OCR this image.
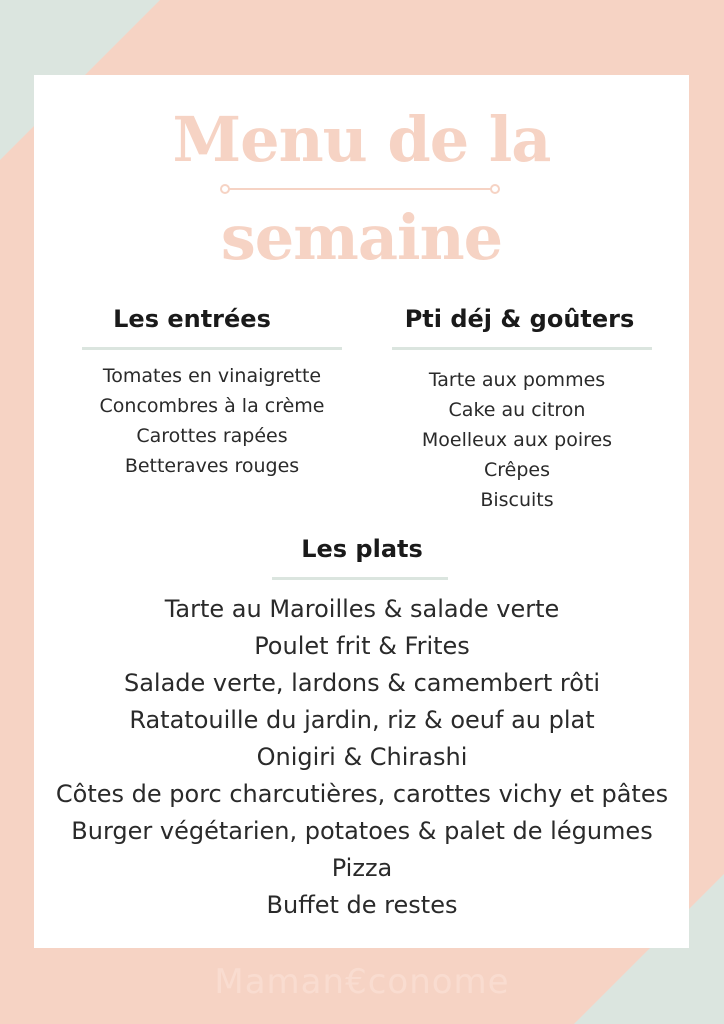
Menu de la
semaine
Les entrées
Tomates en vinaigrette
Concombres à la crème
Carottes rapées
Betteraves rouges
Pti déj & goûters
Tarte aux pommes
Cake au citron
Moelleux aux poires
Crêpes
Biscuits
Les plats
Tarte au Maroilles & salade verte
Poulet frit & Frites
Salade verte, lardons & camembert rôti
Ratatouille du jardin, riz & oeuf au plat
Onigiri & Chirashi
Côtes de porc charcutières, carottes vichy et pâtes
Burger végétarien, potatoes & palet de légumes
Pizza
Buffet de restes
Maman€conome
